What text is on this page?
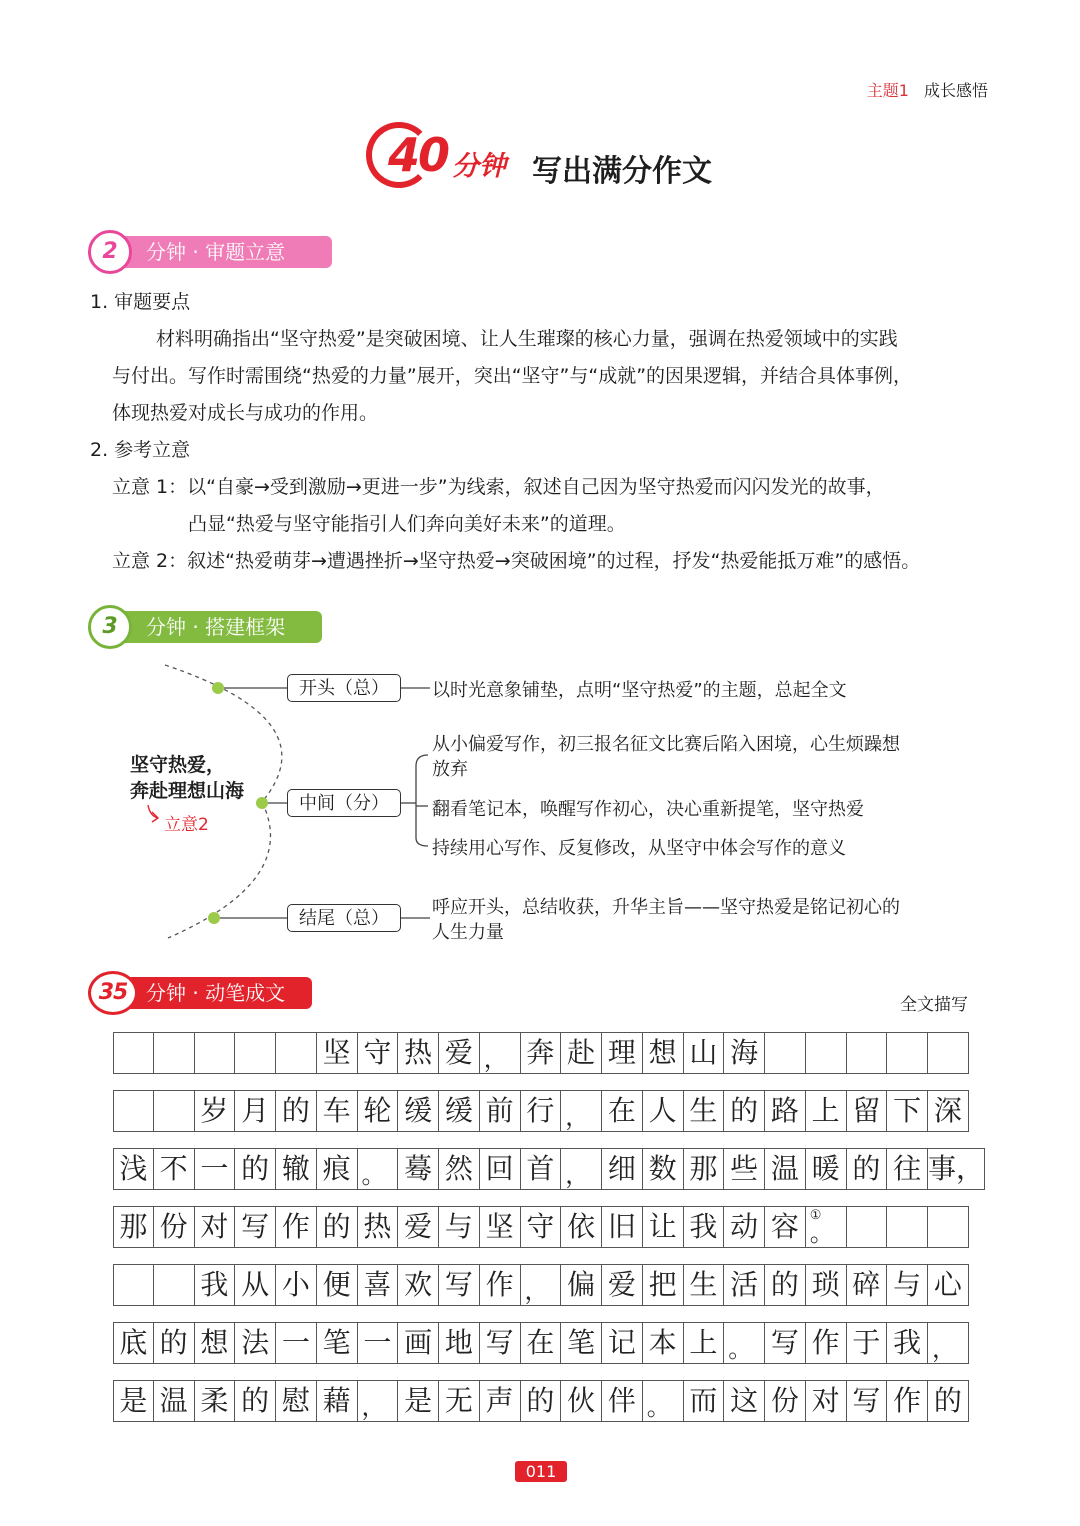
主题1 成长感悟
40 分钟 写出满分作文
2	分钟 · 审题立意
1. 审题要点
材料明确指出“坚守热爱”是突破困境、让人生璀璨的核心力量，强调在热爱领域中的实践
与付出。写作时需围绕“热爱的力量”展开，突出“坚守”与“成就”的因果逻辑，并结合具体事例，
体现热爱对成长与成功的作用。
2. 参考立意
立意 1：以“自豪→受到激励→更进一步”为线索，叙述自己因为坚守热爱而闪闪发光的故事，
凸显“热爱与坚守能指引人们奔向美好未来”的道理。
立意 2：叙述“热爱萌芽→遭遇挫折→坚守热爱→突破困境”的过程，抒发“热爱能抵万难”的感悟。
3	分钟 · 搭建框架
坚守热爱，
奔赴理想山海
立意2
开头（总）	以时光意象铺垫，点明“坚守热爱”的主题，总起全文
中间（分）
从小偏爱写作，初三报名征文比赛后陷入困境，心生烦躁想
放弃
翻看笔记本，唤醒写作初心，决心重新提笔，坚守热爱
持续用心写作、反复修改，从坚守中体会写作的意义
结尾（总）
呼应开头，总结收获，升华主旨——坚守热爱是铭记初心的
人生力量
35 分钟 · 动笔成文	全文描写
坚 守 热 爱 ， 奔 赴 理 想 山 海
岁 月 的 车 轮 缓 缓 前 行 ， 在 人 生 的 路 上 留 下 深
浅 不 一 的 辙 痕 。 蓦 然 回 首 ， 细 数 那 些 温 暖 的 往 事，
那 份 对 写 作 的 热 爱 与 坚 守 依 旧 让 我 动 容 ①
。
我 从 小 便 喜 欢 写 作 ， 偏 爱 把 生 活 的 琐 碎 与 心
底 的 想 法 一 笔 一 画 地 写 在 笔 记 本 上 。 写 作 于 我 ，
是 温 柔 的 慰 藉 ， 是 无 声 的 伙 伴 。 而 这 份 对 写 作 的
011
